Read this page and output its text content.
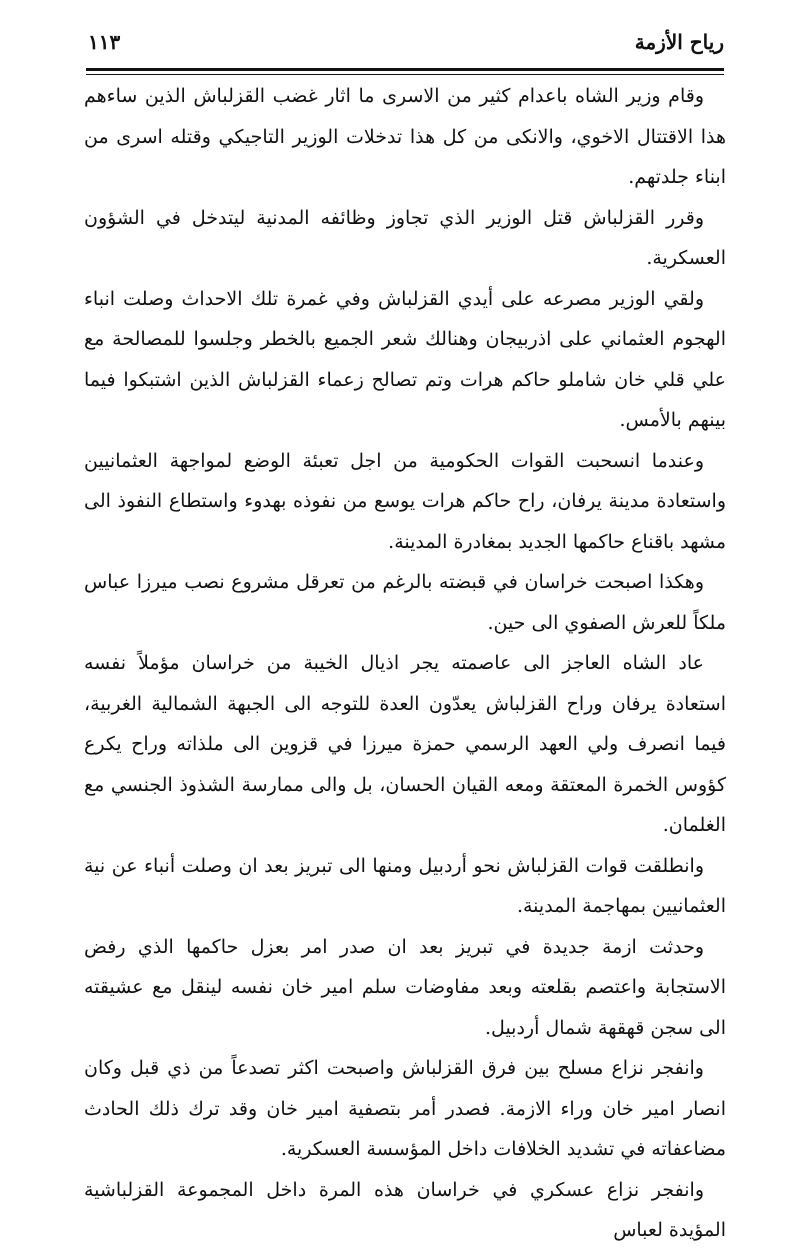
رياح الأزمة
١١٣

وقام وزير الشاه باعدام كثير من الاسرى ما اثار غضب القزلباش الذين ساءهم هذا الاقتتال الاخوي، والانكى من كل هذا تدخلات الوزير التاجيكي وقتله اسرى من ابناء جلدتهم.

وقرر القزلباش قتل الوزير الذي تجاوز وظائفه المدنية ليتدخل في الشؤون العسكرية.

ولقي الوزير مصرعه على أيدي القزلباش وفي غمرة تلك الاحداث وصلت انباء الهجوم العثماني على اذربيجان وهنالك شعر الجميع بالخطر وجلسوا للمصالحة مع علي قلي خان شاملو حاكم هرات وتم تصالح زعماء القزلباش الذين اشتبكوا فيما بينهم بالأمس.

وعندما انسحبت القوات الحكومية من اجل تعبئة الوضع لمواجهة العثمانيين واستعادة مدينة يرفان، راح حاكم هرات يوسع من نفوذه بهدوء واستطاع النفوذ الى مشهد باقناع حاكمها الجديد بمغادرة المدينة.

وهكذا اصبحت خراسان في قبضته بالرغم من تعرقل مشروع نصب ميرزا عباس ملكاً للعرش الصفوي الى حين.

عاد الشاه العاجز الى عاصمته يجر اذيال الخيبة من خراسان مؤملاً نفسه استعادة يرفان وراح القزلباش يعدّون العدة للتوجه الى الجبهة الشمالية الغربية، فيما انصرف ولي العهد الرسمي حمزة ميرزا في قزوين الى ملذاته وراح يكرع كؤوس الخمرة المعتقة ومعه القيان الحسان، بل والى ممارسة الشذوذ الجنسي مع الغلمان.

وانطلقت قوات القزلباش نحو أردبيل ومنها الى تبريز بعد ان وصلت أنباء عن نية العثمانيين بمهاجمة المدينة.

وحدثت ازمة جديدة في تبريز بعد ان صدر امر بعزل حاكمها الذي رفض الاستجابة واعتصم بقلعته وبعد مفاوضات سلم امير خان نفسه لينقل مع عشيقته الى سجن قهقهة شمال أردبيل.

وانفجر نزاع مسلح بين فرق القزلباش واصبحت اكثر تصدعاً من ذي قبل وكان انصار امير خان وراء الازمة. فصدر أمر بتصفية امير خان وقد ترك ذلك الحادث مضاعفاته في تشديد الخلافات داخل المؤسسة العسكرية.

وانفجر نزاع عسكري في خراسان هذه المرة داخل المجموعة القزلباشية المؤيدة لعباس
